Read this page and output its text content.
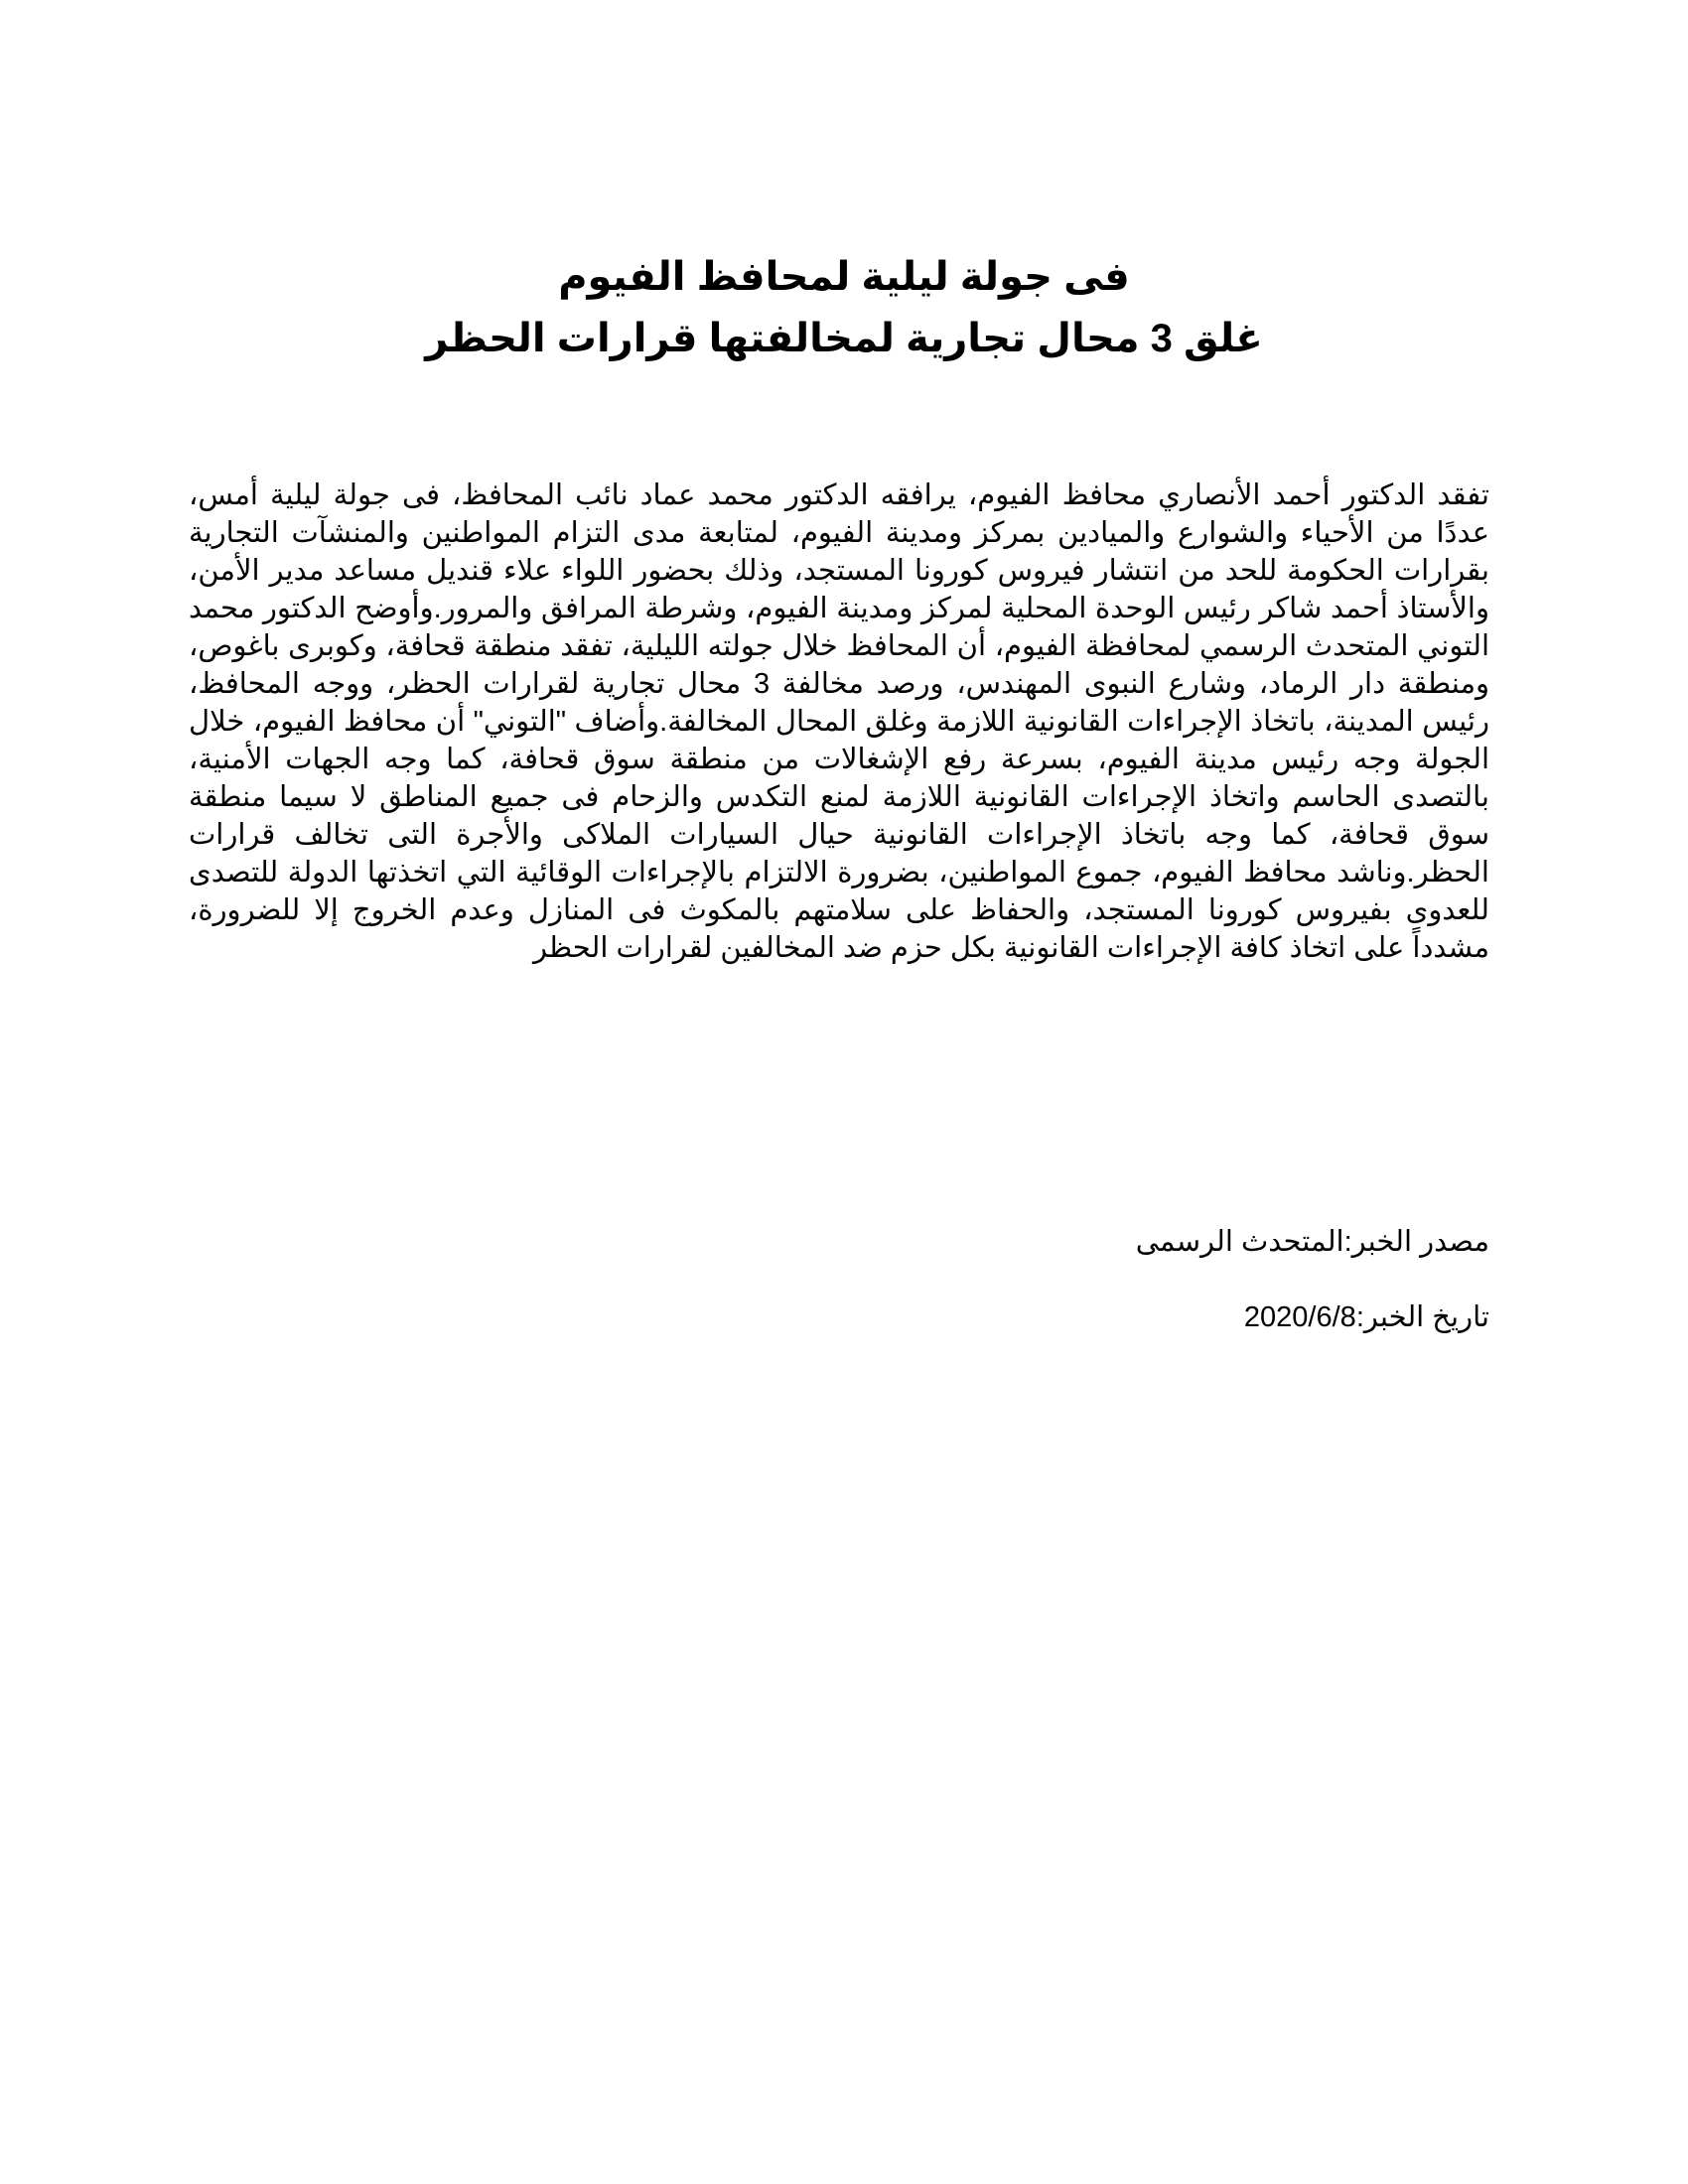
فى جولة ليلية لمحافظ الفيوم

غلق 3 محال تجارية لمخالفتها قرارات الحظر

تفقد الدكتور أحمد الأنصاري محافظ الفيوم، يرافقه الدكتور محمد عماد نائب المحافظ، فى جولة ليلية أمس، عددًا من الأحياء والشوارع والميادين بمركز ومدينة الفيوم، لمتابعة مدى التزام المواطنين والمنشآت التجارية بقرارات الحكومة للحد من انتشار فيروس كورونا المستجد، وذلك بحضور اللواء علاء قنديل مساعد مدير الأمن، والأستاذ أحمد شاكر رئيس الوحدة المحلية لمركز ومدينة الفيوم، وشرطة المرافق والمرور.وأوضح الدكتور محمد التوني المتحدث الرسمي لمحافظة الفيوم، أن المحافظ خلال جولته الليلية، تفقد منطقة قحافة، وكوبرى باغوص، ومنطقة دار الرماد، وشارع النبوى المهندس، ورصد مخالفة 3 محال تجارية لقرارات الحظر، ووجه المحافظ، رئيس المدينة، باتخاذ الإجراءات القانونية اللازمة وغلق المحال المخالفة.وأضاف "التوني" أن محافظ الفيوم، خلال الجولة وجه رئيس مدينة الفيوم، بسرعة رفع الإشغالات من منطقة سوق قحافة، كما وجه الجهات الأمنية، بالتصدى الحاسم واتخاذ الإجراءات القانونية اللازمة لمنع التكدس والزحام فى جميع المناطق لا سيما منطقة سوق قحافة، كما وجه باتخاذ الإجراءات القانونية حيال السيارات الملاكى والأجرة التى تخالف قرارات الحظر.وناشد محافظ الفيوم، جموع المواطنين، بضرورة الالتزام بالإجراءات الوقائية التي اتخذتها الدولة للتصدى للعدوى بفيروس كورونا المستجد، والحفاظ على سلامتهم بالمكوث فى المنازل وعدم الخروج إلا للضرورة، مشدداً على اتخاذ كافة الإجراءات القانونية بكل حزم ضد المخالفين لقرارات الحظر

مصدر الخبر:المتحدث الرسمى

تاريخ الخبر:2020/6/8
